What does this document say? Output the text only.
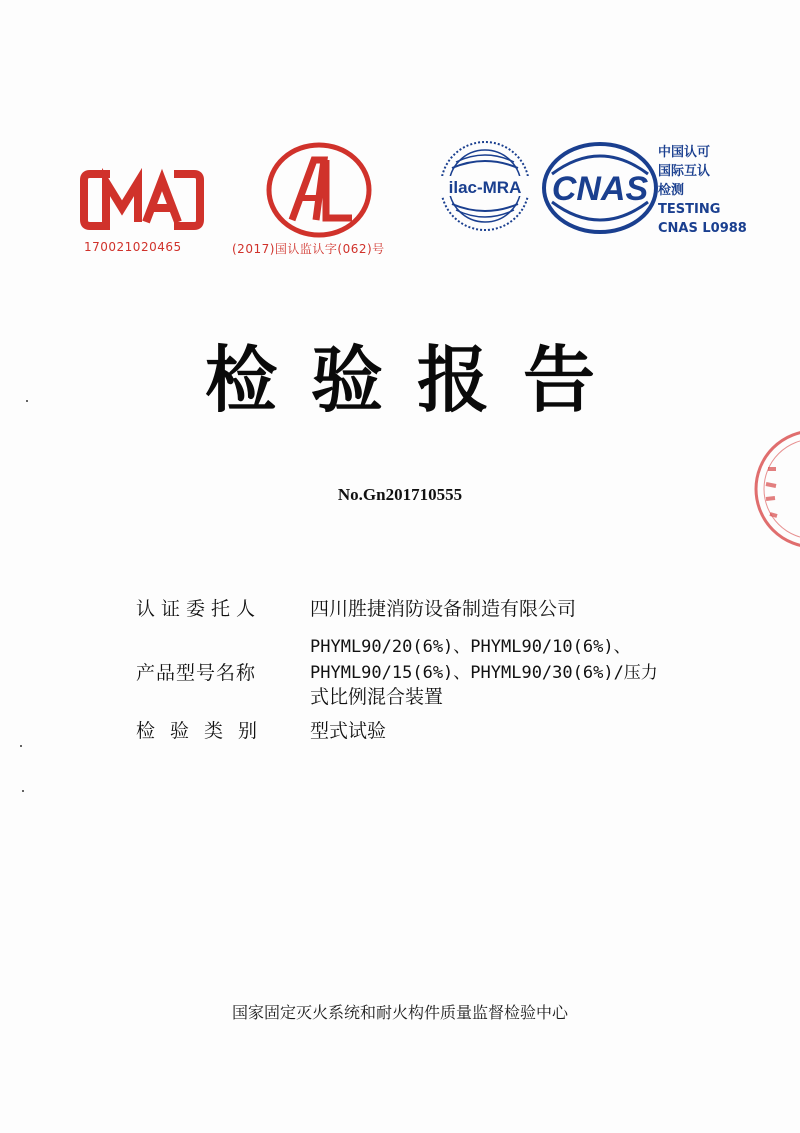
170021020465	(2017)国认监认字(062)号
ilac-MRA CNAS
中国认可
国际互认
检测
TESTING
CNAS L0988
检验报告
No.Gn201710555
认证委托人	四川胜捷消防设备制造有限公司
产品型号名称
PHYML90/20(6%)、PHYML90/10(6%)、
PHYML90/15(6%)、PHYML90/30(6%)/压力
式比例混合装置
检验类别 型式试验
国家固定灭火系统和耐火构件质量监督检验中心
